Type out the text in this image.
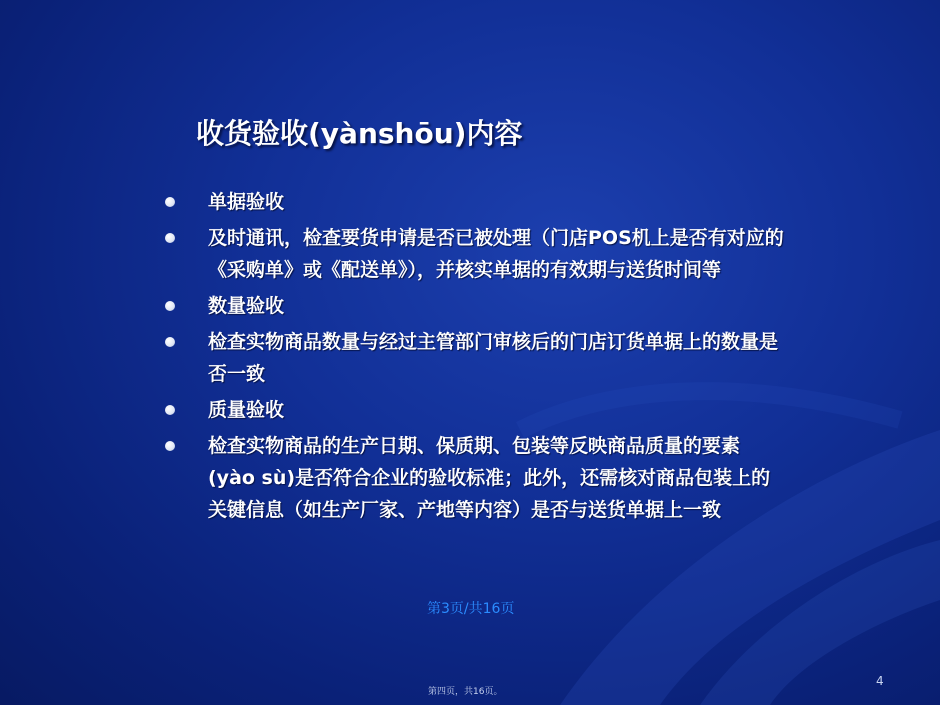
收货验收(yànshōu)内容
单据验收
及时通讯，检查要货申请是否已被处理（门店POS机上是否有对应的《采购单》或《配送单》），并核实单据的有效期与送货时间等
数量验收
检查实物商品数量与经过主管部门审核后的门店订货单据上的数量是否一致
质量验收
检查实物商品的生产日期、保质期、包装等反映商品质量的要素(yào sù)是否符合企业的验收标准；此外，还需核对商品包装上的关键信息（如生产厂家、产地等内容）是否与送货单据上一致
第3页/共16页
4
第四页，共16页。
